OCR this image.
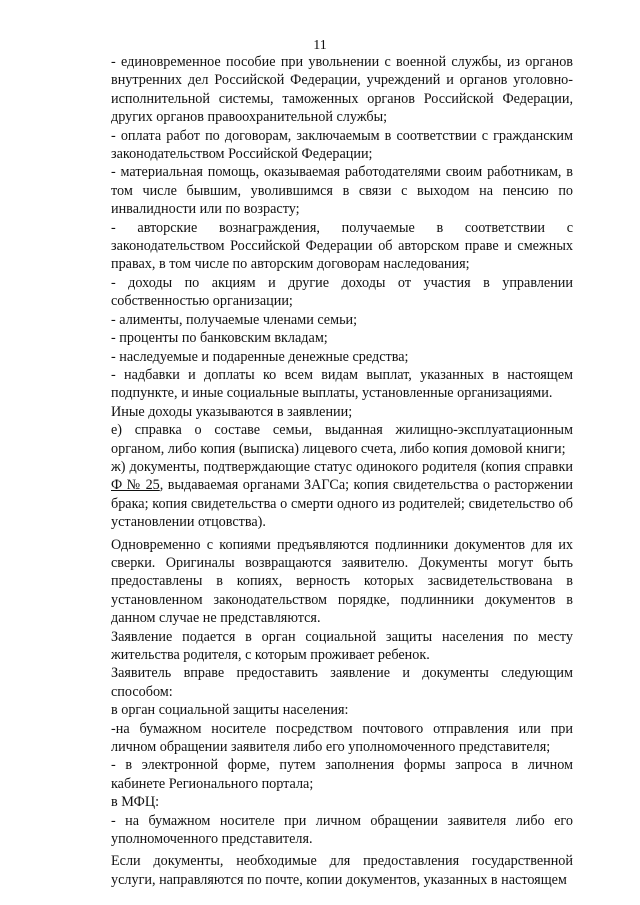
11

- единовременное пособие при увольнении с военной службы, из органов внутренних дел Российской Федерации, учреждений и органов уголовно-исполнительной системы, таможенных органов Российской Федерации, других органов правоохранительной службы;

- оплата работ по договорам, заключаемым в соответствии с гражданским законодательством Российской Федерации;

- материальная помощь, оказываемая работодателями своим работникам, в том числе бывшим, уволившимся в связи с выходом на пенсию по инвалидности или по возрасту;

- авторские вознаграждения, получаемые в соответствии с законодательством Российской Федерации об авторском праве и смежных правах, в том числе по авторским договорам наследования;

- доходы по акциям и другие доходы от участия в управлении собственностью организации;

- алименты, получаемые членами семьи;

- проценты по банковским вкладам;

- наследуемые и подаренные денежные средства;

- надбавки и доплаты ко всем видам выплат, указанных в настоящем подпункте, и иные социальные выплаты, установленные организациями.

Иные доходы указываются в заявлении;

е) справка о составе семьи, выданная жилищно-эксплуатационным органом, либо копия (выписка) лицевого счета, либо копия домовой книги;

ж) документы, подтверждающие статус одинокого родителя (копия справки Ф № 25, выдаваемая органами ЗАГСа; копия свидетельства о расторжении брака; копия свидетельства о смерти одного из родителей; свидетельство об установлении отцовства).

Одновременно с копиями предъявляются подлинники документов для их сверки. Оригиналы возвращаются заявителю. Документы могут быть предоставлены в копиях, верность которых засвидетельствована в установленном законодательством порядке, подлинники документов в данном случае не представляются.

Заявление подается в орган социальной защиты населения по месту жительства родителя, с которым проживает ребенок.

Заявитель вправе предоставить заявление и документы следующим способом:

в орган социальной защиты населения:

-на бумажном носителе посредством почтового отправления или при личном обращении заявителя либо его уполномоченного представителя;

- в электронной форме, путем заполнения формы запроса в личном кабинете Регионального портала;

в МФЦ:

- на бумажном носителе при личном обращении заявителя либо его уполномоченного представителя.

Если документы, необходимые для предоставления государственной услуги, направляются по почте, копии документов, указанных в настоящем
